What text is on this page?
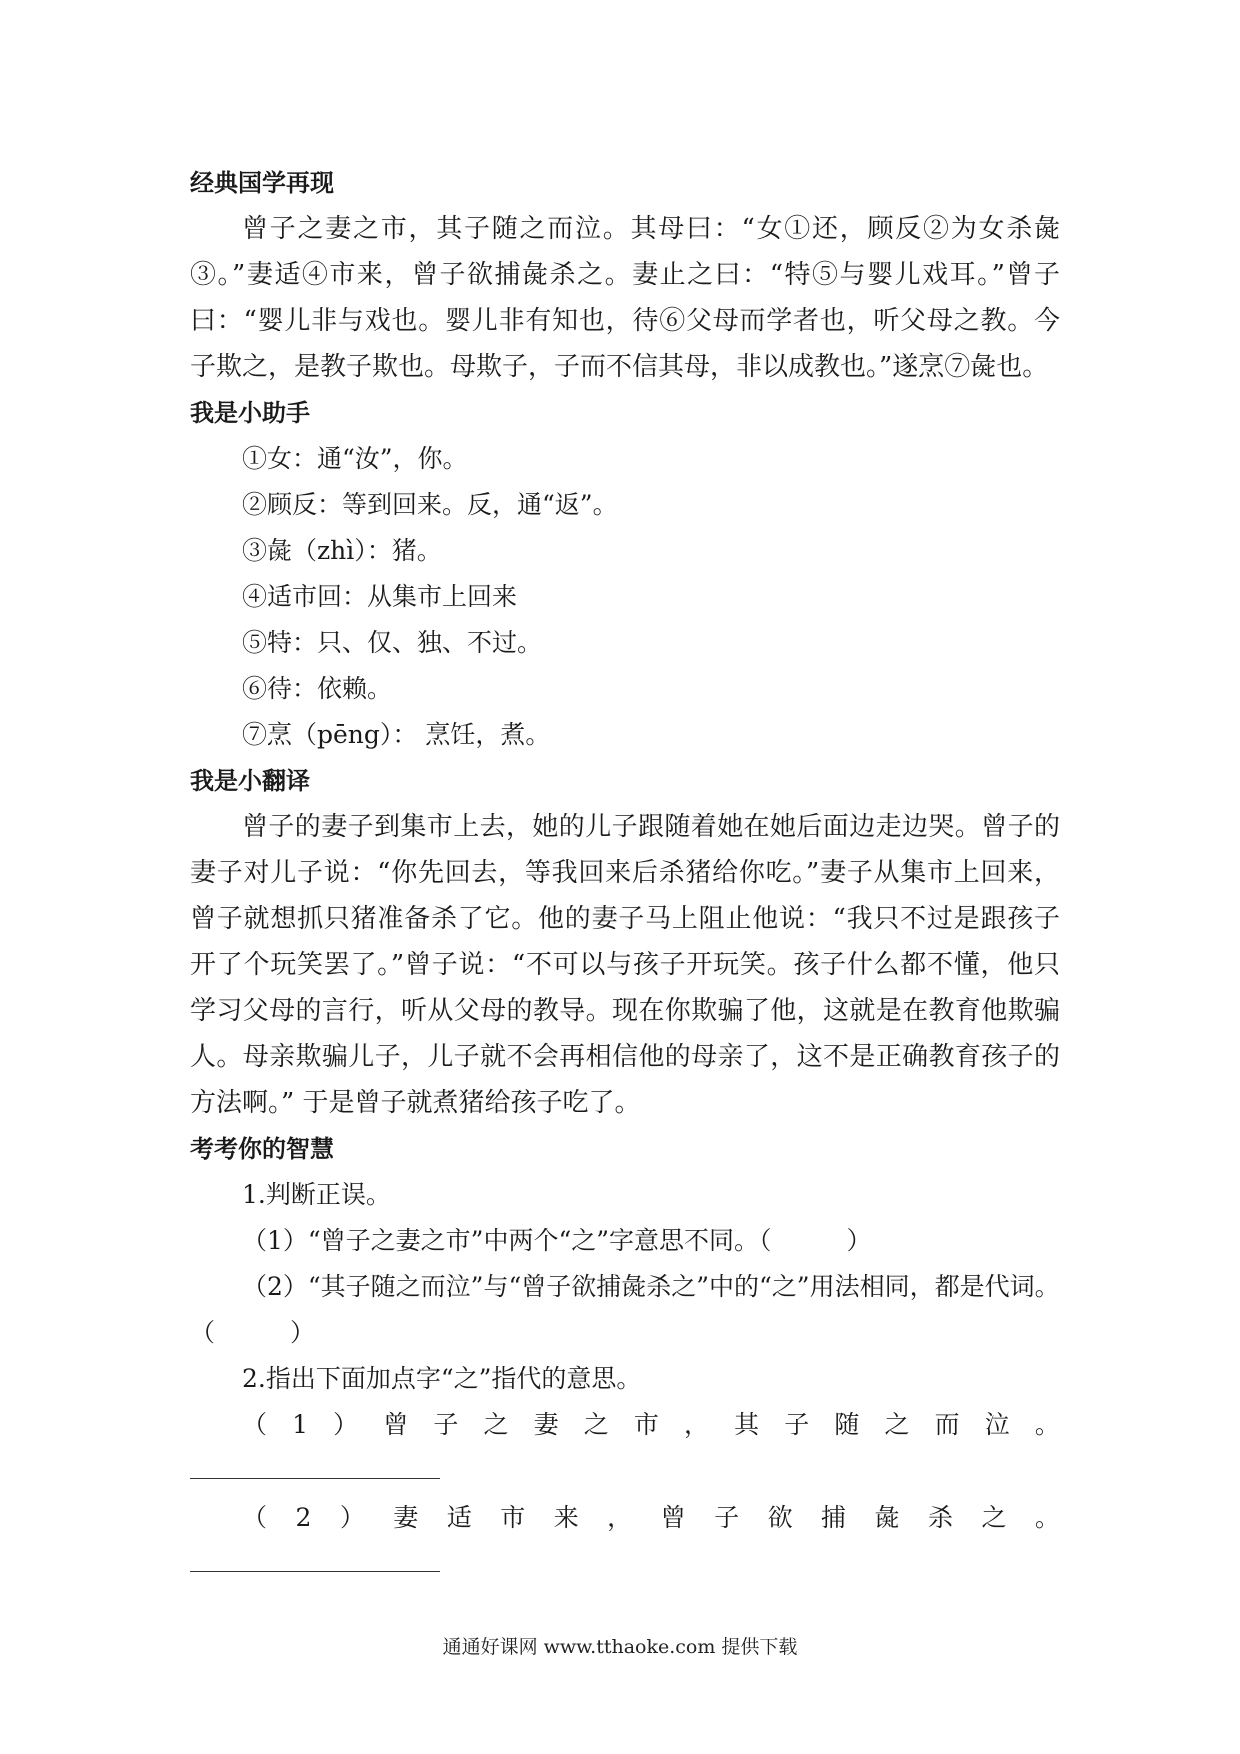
经典国学再现

曾子之妻之市，其子随之而泣。其母曰：“女①还，顾反②为女杀彘③。”妻适④市来，曾子欲捕彘杀之。妻止之曰：“特⑤与婴儿戏耳。”曾子曰：“婴儿非与戏也。婴儿非有知也，待⑥父母而学者也，听父母之教。今子欺之，是教子欺也。母欺子，子而不信其母，非以成教也。”遂烹⑦彘也。

我是小助手

①女：通“汝”，你。

②顾反：等到回来。反，通“返”。

③彘（zhì）：猪。

④适市回：从集市上回来

⑤特：只、仅、独、不过。

⑥待：依赖。

⑦烹（pēng）： 烹饪，煮。

我是小翻译

曾子的妻子到集市上去，她的儿子跟随着她在她后面边走边哭。曾子的妻子对儿子说：“你先回去，等我回来后杀猪给你吃。”妻子从集市上回来，曾子就想抓只猪准备杀了它。他的妻子马上阻止他说：“我只不过是跟孩子开了个玩笑罢了。”曾子说：“不可以与孩子开玩笑。孩子什么都不懂，他只学习父母的言行，听从父母的教导。现在你欺骗了他，这就是在教育他欺骗人。母亲欺骗儿子，儿子就不会再相信他的母亲了，这不是正确教育孩子的方法啊。” 于是曾子就煮猪给孩子吃了。

考考你的智慧

1.判断正误。

（1）“曾子之妻之市”中两个“之”字意思不同。（　　　）

（2）“其子随之而泣”与“曾子欲捕彘杀之”中的“之”用法相同，都是代词。（　　　）

2.指出下面加点字“之”指代的意思。

（ 1 ） 曾 子 之 妻 之 市 ， 其 子 随 之 而 泣 。
（ 2 ） 妻 适 市 来 ， 曾 子 欲 捕 彘 杀 之 。
通通好课网 www.tthaoke.com 提供下载
